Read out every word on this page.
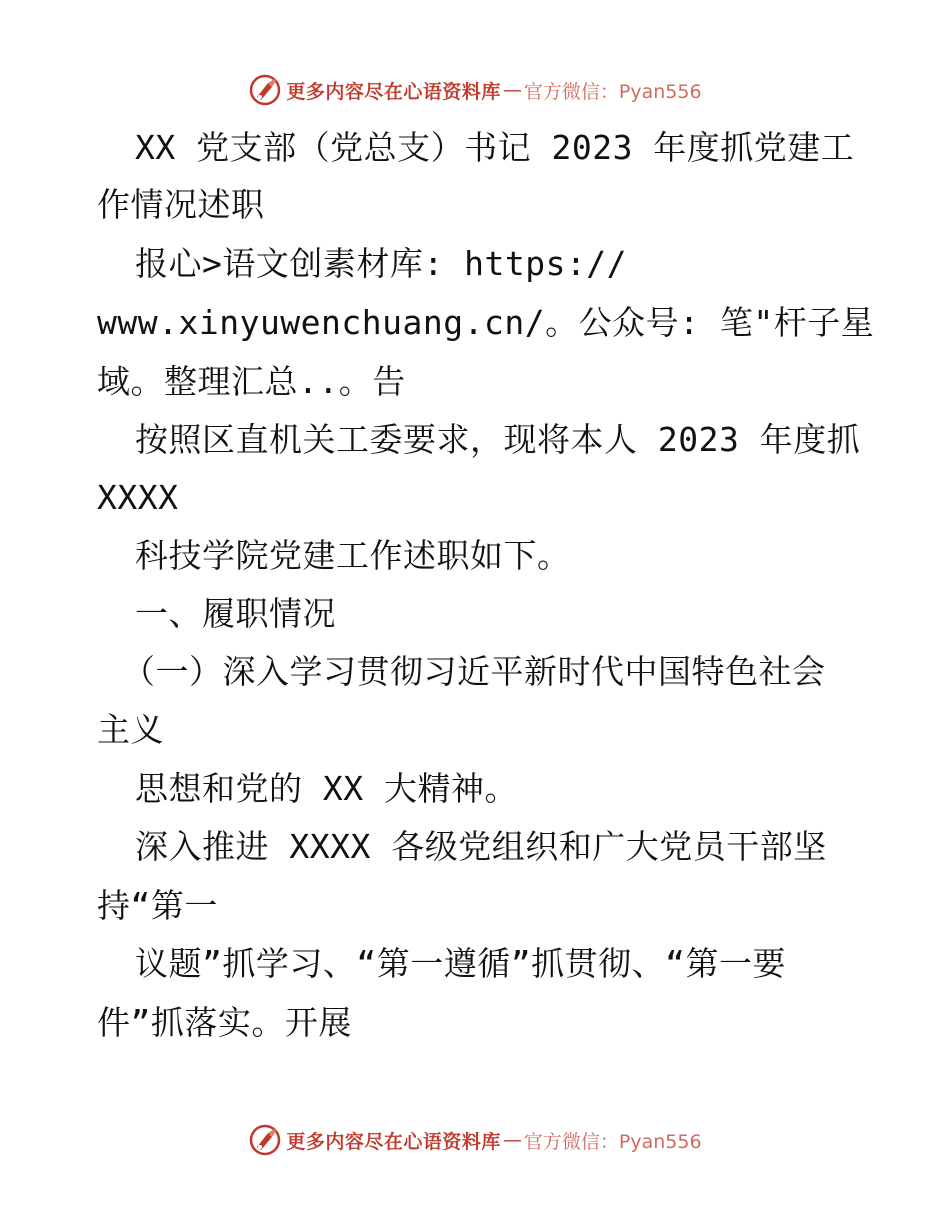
更多内容尽在心语资料库 — 官方微信：Pyan556
XX 党支部（党总支）书记 2023 年度抓党建工
作情况述职
报心>语文创素材库: https://
www.xinyuwenchuang.cn/。公众号: 笔"杆子星
域。整理汇总..。告
按照区直机关工委要求，现将本人 2023 年度抓
XXXX
科技学院党建工作述职如下。
一、履职情况
（一）深入学习贯彻习近平新时代中国特色社会
主义
思想和党的 XX 大精神。
深入推进 XXXX 各级党组织和广大党员干部坚
持“第一
议题”抓学习、“第一遵循”抓贯彻、“第一要
件”抓落实。开展
更多内容尽在心语资料库 — 官方微信：Pyan556
